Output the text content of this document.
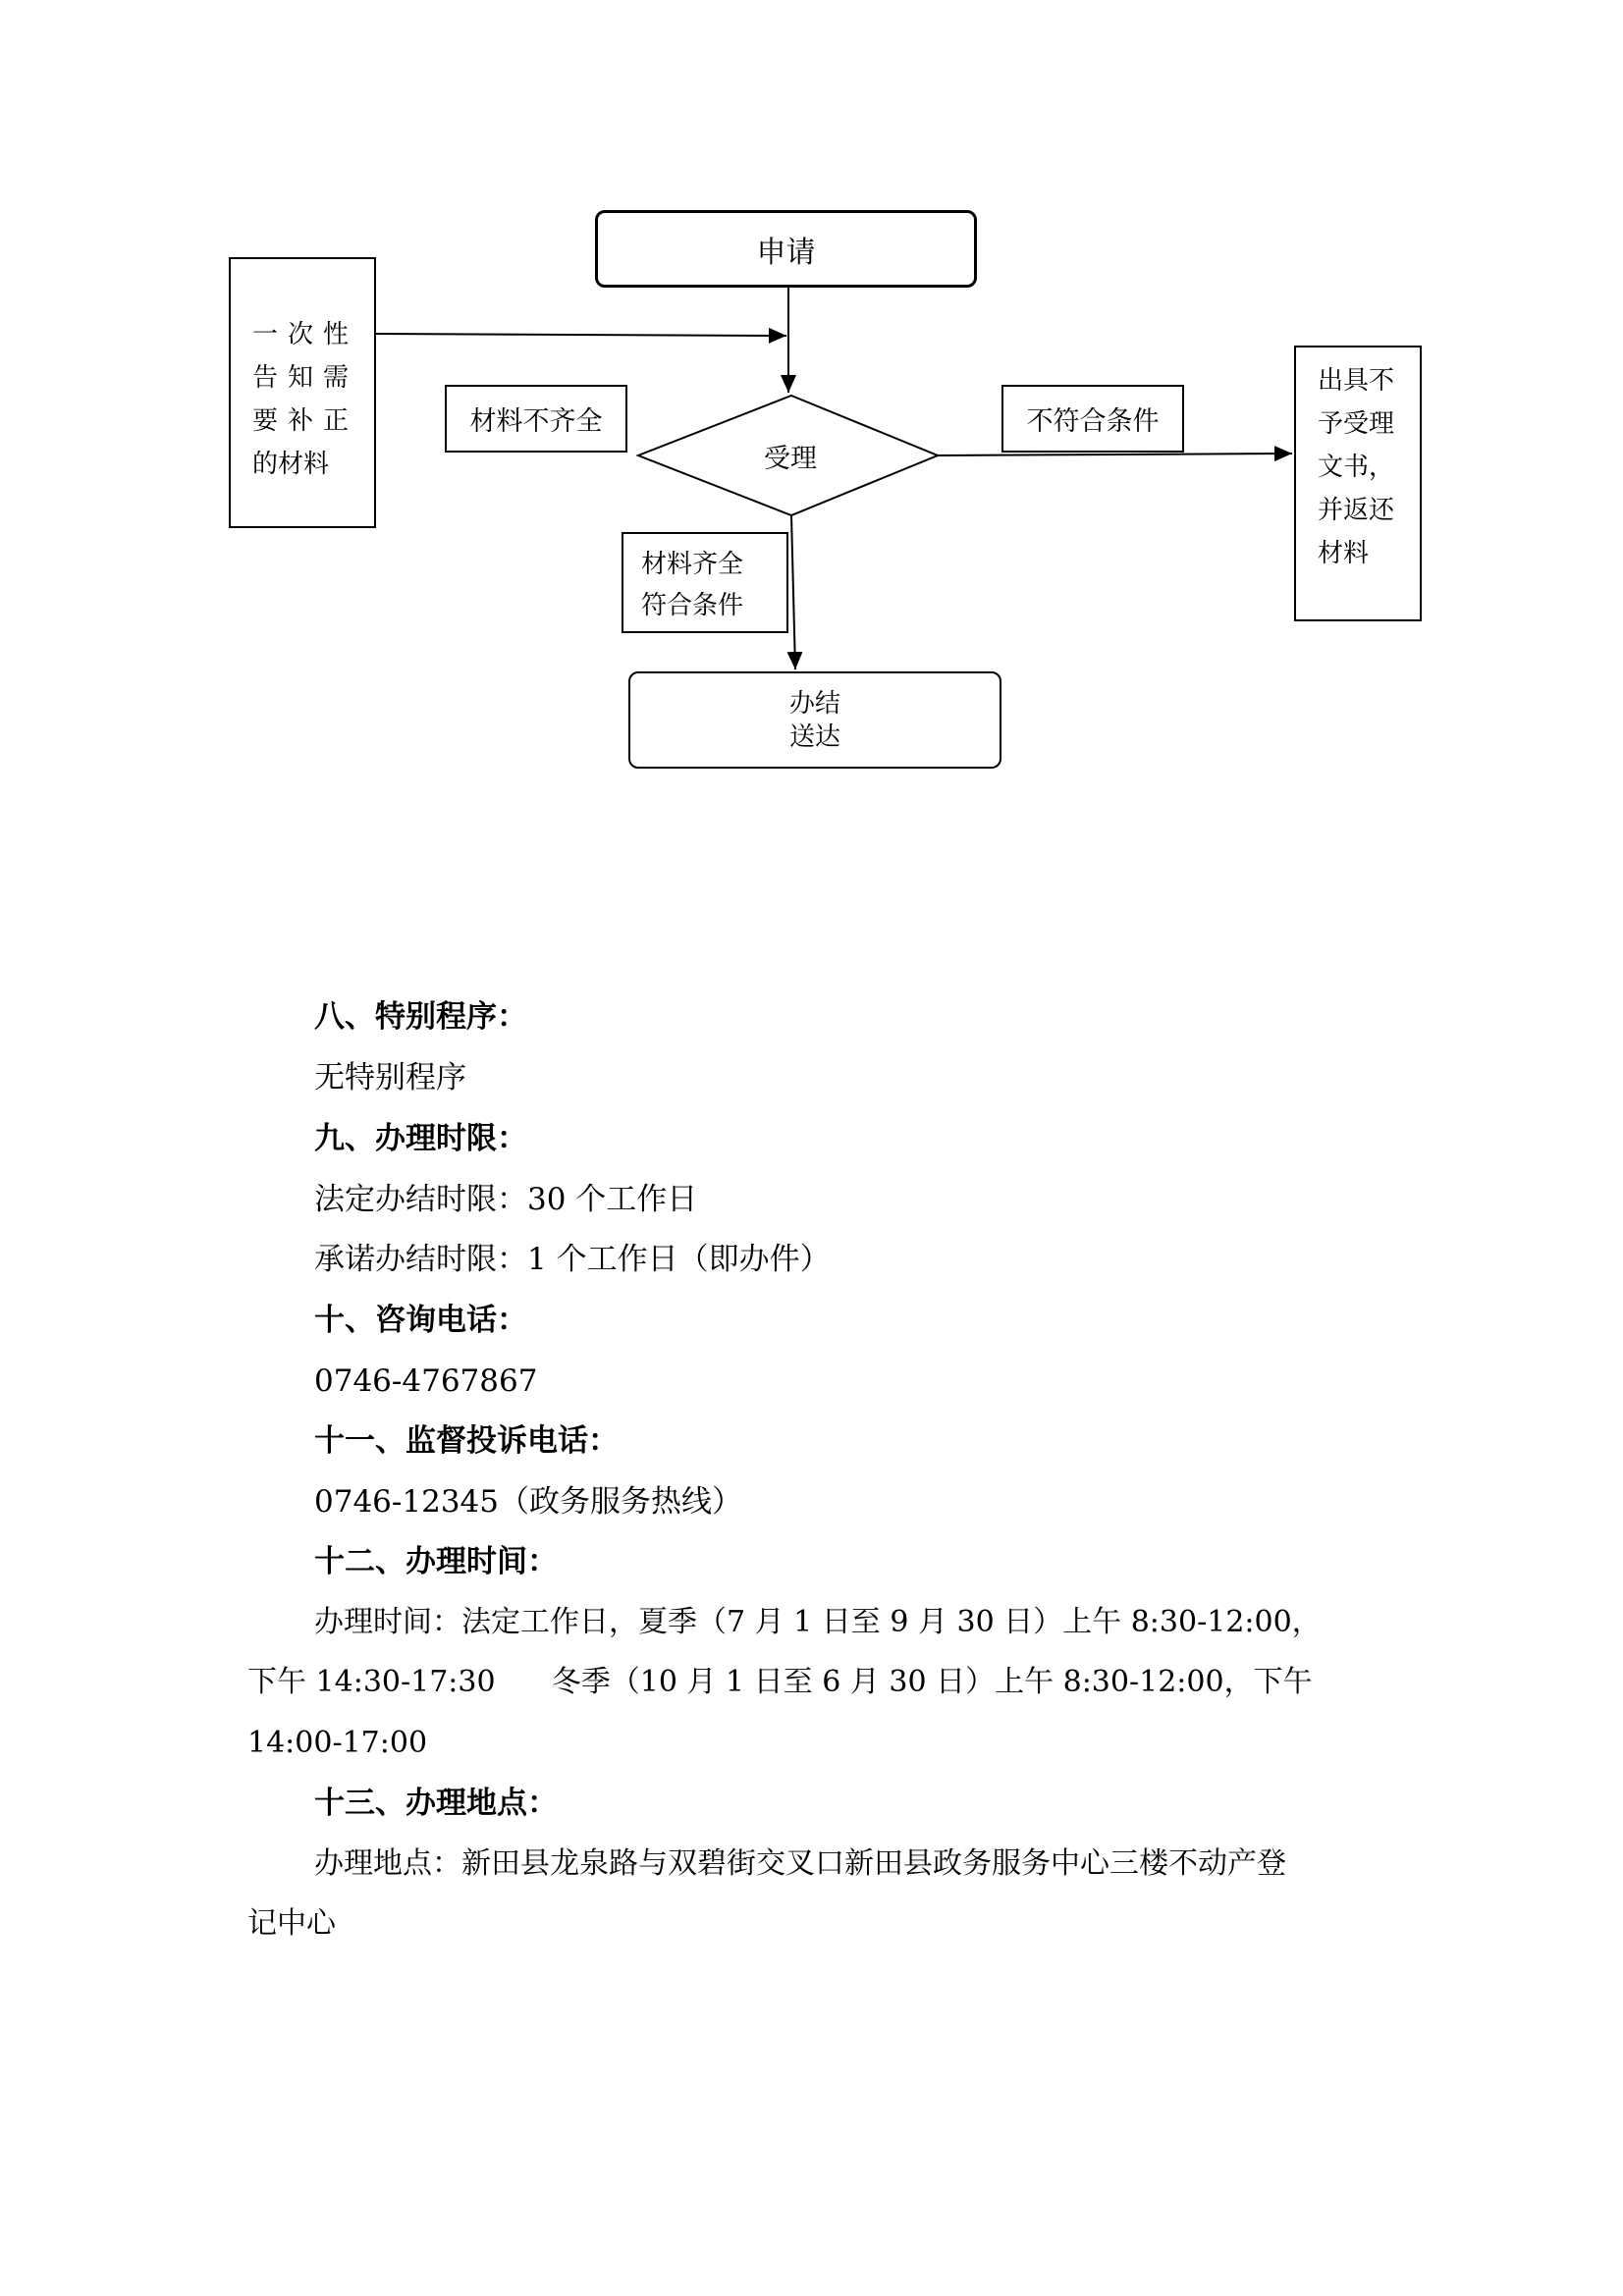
申请
一次性
告知需
要补正
的材料
材料不齐全
受理
不符合条件
出具不
予受理
文书，
并返还
材料
材料齐全
符合条件
办结
送达
八、特别程序：
无特别程序
九、办理时限：
法定办结时限：30 个工作日
承诺办结时限：1 个工作日（即办件）
十、咨询电话：
0746-4767867
十一、监督投诉电话：
0746-12345（政务服务热线）
十二、办理时间：
办理时间：法定工作日，夏季（7 月 1 日至 9 月 30 日）上午 8:30-12:00，
下午 14:30-17:30      冬季（10 月 1 日至 6 月 30 日）上午 8:30-12:00，下午
14:00-17:00
十三、办理地点：
办理地点：新田县龙泉路与双碧街交叉口新田县政务服务中心三楼不动产登
记中心
